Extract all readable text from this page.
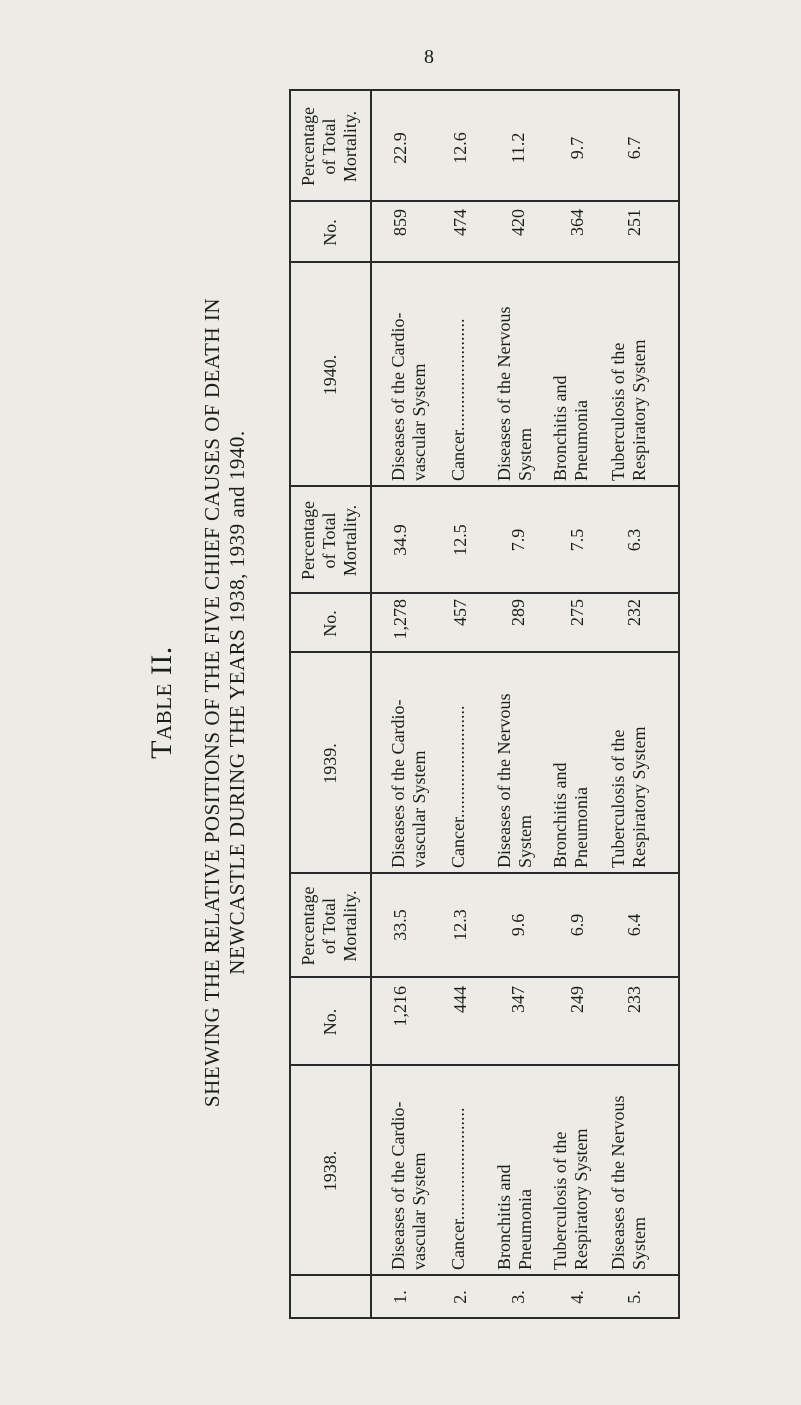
8
Table II. SHEWING THE RELATIVE POSITIONS OF THE FIVE CHIEF CAUSES OF DEATH IN NEWCASTLE DURING THE YEARS 1938, 1939 and 1940.
1938.
No.
Percentage of Total Mortality.
1939.
No.
Percentage of Total Mortality.
1940.
No.
Percentage of Total Mortality.
1. 2. 3. 4. 5.
Diseases of the Cardio- vascular System Cancer......................... Bronchitis and Pneumonia Tuberculosis of the Respiratory System Diseases of the Nervous System
1,216 444 347 249 233
33.5 12.3 9.6 6.9 6.4
Diseases of the Cardio- vascular System Cancer......................... Diseases of the Nervous System Bronchitis and Pneumonia Tuberculosis of the Respiratory System
1,278 457 289 275 232
34.9 12.5 7.9 7.5 6.3
Diseases of the Cardio- vascular System Cancer......................... Diseases of the Nervous System Bronchitis and Pneumonia Tuberculosis of the Respiratory System
859 474 420 364 251
22.9 12.6 11.2 9.7 6.7
